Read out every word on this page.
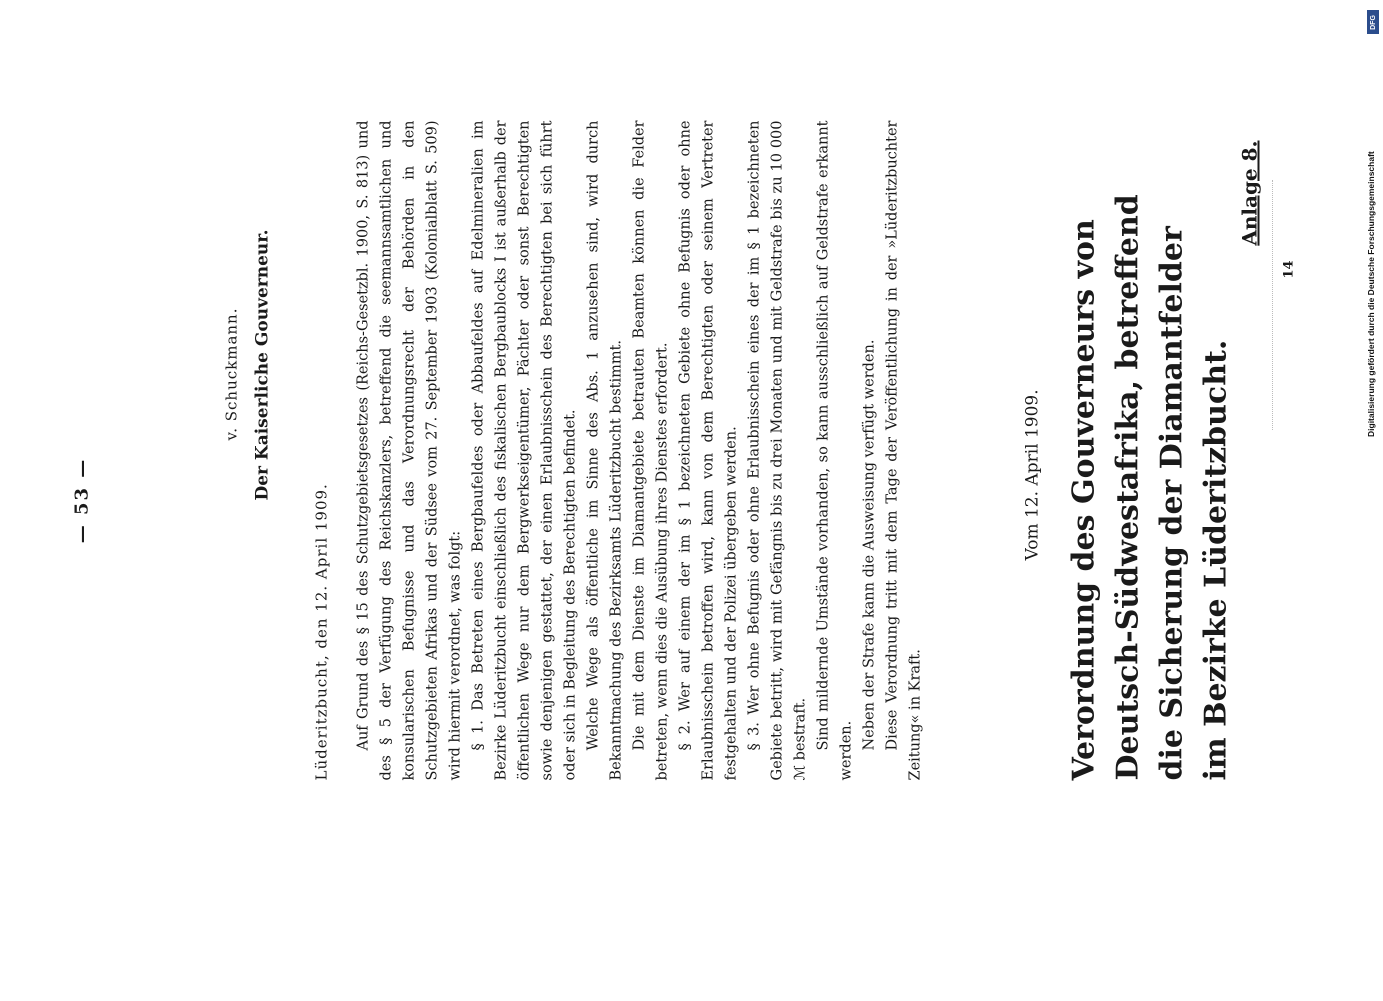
Anlage 8.
Verordnung des Gouverneurs von Deutsch-Südwestafrika, betreffend die Sicherung der Diamantfelder im Bezirke Lüderitzbucht.
Vom 12. April 1909.

Auf Grund des § 15 des Schutzgebietsgesetzes (Reichs-Gesetzbl. 1900, S. 813) und des § 5 der Verfügung des Reichskanzlers, betreffend die seemannsamtlichen und konsularischen Befugnisse und das Verordnungsrecht der Behörden in den Schutzgebieten Afrikas und der Südsee vom 27. September 1903 (Kolonialblatt S. 509) wird hiermit verordnet, was folgt: § 1. Das Betreten eines Bergbaufeldes oder Abbaufeldes auf Edelmineralien im Bezirke Lüderitzbucht einschließlich des fiskalischen Bergbaublocks I ist außerhalb der öffentlichen Wege nur dem Bergwerkseigentümer, Pächter oder sonst Berechtigten sowie denjenigen gestattet, der einen Erlaubnisschein des Berechtigten bei sich führt oder sich in Begleitung des Berechtigten befindet. Welche Wege als öffentliche im Sinne des Abs. 1 anzusehen sind, wird durch Bekanntmachung des Bezirksamts Lüderitzbucht bestimmt. Die mit dem Dienste im Diamantgebiete betrauten Beamten können die Felder betreten, wenn dies die Ausübung ihres Dienstes erfordert. § 2. Wer auf einem der im § 1 bezeichneten Gebiete ohne Befugnis oder ohne Erlaubnisschein betroffen wird, kann von dem Berechtigten oder seinem Vertreter festgehalten und der Polizei übergeben werden. § 3. Wer ohne Befugnis oder ohne Erlaubnisschein eines der im § 1 bezeichneten Gebiete betritt, wird mit Gefängnis bis zu drei Monaten und mit Geldstrafe bis zu 10 000 ℳ bestraft. Sind mildernde Umstände vorhanden, so kann ausschließlich auf Geldstrafe erkannt werden.

Neben der Strafe kann die Ausweisung verfügt werden. Diese Verordnung tritt mit dem Tage der Veröffentlichung in der »Lüderitzbuchter Zeitung« in Kraft.

Lüderitzbucht, den 12. April 1909.
Der Kaiserliche Gouverneur.
v. Schuckmann.
— 53 —
14
DFG
Digitalisierung gefördert durch die Deutsche Forschungsgemeinschaft
